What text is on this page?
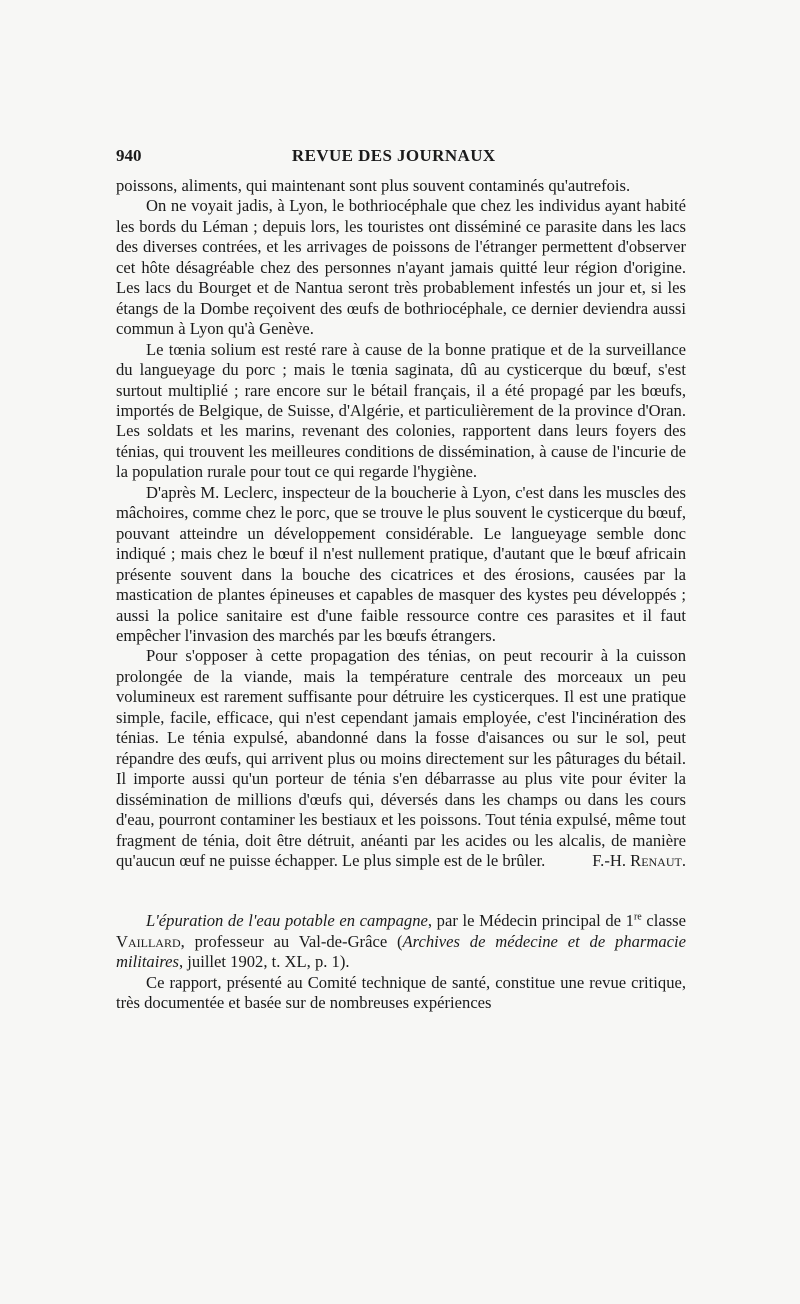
940	REVUE DES JOURNAUX

poissons, aliments, qui maintenant sont plus souvent contaminés qu'autrefois.

On ne voyait jadis, à Lyon, le bothriocéphale que chez les individus ayant habité les bords du Léman ; depuis lors, les touristes ont disséminé ce parasite dans les lacs des diverses contrées, et les arrivages de poissons de l'étranger permettent d'observer cet hôte désagréable chez des personnes n'ayant jamais quitté leur région d'origine. Les lacs du Bourget et de Nantua seront très probablement infestés un jour et, si les étangs de la Dombe reçoivent des œufs de bothriocéphale, ce dernier deviendra aussi commun à Lyon qu'à Genève.

Le tœnia solium est resté rare à cause de la bonne pratique et de la surveillance du langueyage du porc ; mais le tœnia saginata, dû au cysticerque du bœuf, s'est surtout multiplié ; rare encore sur le bétail français, il a été propagé par les bœufs, importés de Belgique, de Suisse, d'Algérie, et particulièrement de la province d'Oran. Les soldats et les marins, revenant des colonies, rapportent dans leurs foyers des ténias, qui trouvent les meilleures conditions de dissémination, à cause de l'incurie de la population rurale pour tout ce qui regarde l'hygiène.

D'après M. Leclerc, inspecteur de la boucherie à Lyon, c'est dans les muscles des mâchoires, comme chez le porc, que se trouve le plus souvent le cysticerque du bœuf, pouvant atteindre un développement considérable. Le langueyage semble donc indiqué ; mais chez le bœuf il n'est nullement pratique, d'autant que le bœuf africain présente souvent dans la bouche des cicatrices et des érosions, causées par la mastication de plantes épineuses et capables de masquer des kystes peu développés ; aussi la police sanitaire est d'une faible ressource contre ces parasites et il faut empêcher l'invasion des marchés par les bœufs étrangers.

Pour s'opposer à cette propagation des ténias, on peut recourir à la cuisson prolongée de la viande, mais la température centrale des morceaux un peu volumineux est rarement suffisante pour détruire les cysticerques. Il est une pratique simple, facile, efficace, qui n'est cependant jamais employée, c'est l'incinération des ténias. Le ténia expulsé, abandonné dans la fosse d'aisances ou sur le sol, peut répandre des œufs, qui arrivent plus ou moins directement sur les pâturages du bétail. Il importe aussi qu'un porteur de ténia s'en débarrasse au plus vite pour éviter la dissémination de millions d'œufs qui, déversés dans les champs ou dans les cours d'eau, pourront contaminer les bestiaux et les poissons. Tout ténia expulsé, même tout fragment de ténia, doit être détruit, anéanti par les acides ou les alcalis, de manière qu'aucun œuf ne puisse échapper. Le plus simple est de le brûler.	F.-H. Renaut.

L'épuration de l'eau potable en campagne, par le Médecin principal de 1re classe Vaillard, professeur au Val-de-Grâce (Archives de médecine et de pharmacie militaires, juillet 1902, t. XL, p. 1).

Ce rapport, présenté au Comité technique de santé, constitue une revue critique, très documentée et basée sur de nombreuses expériences
